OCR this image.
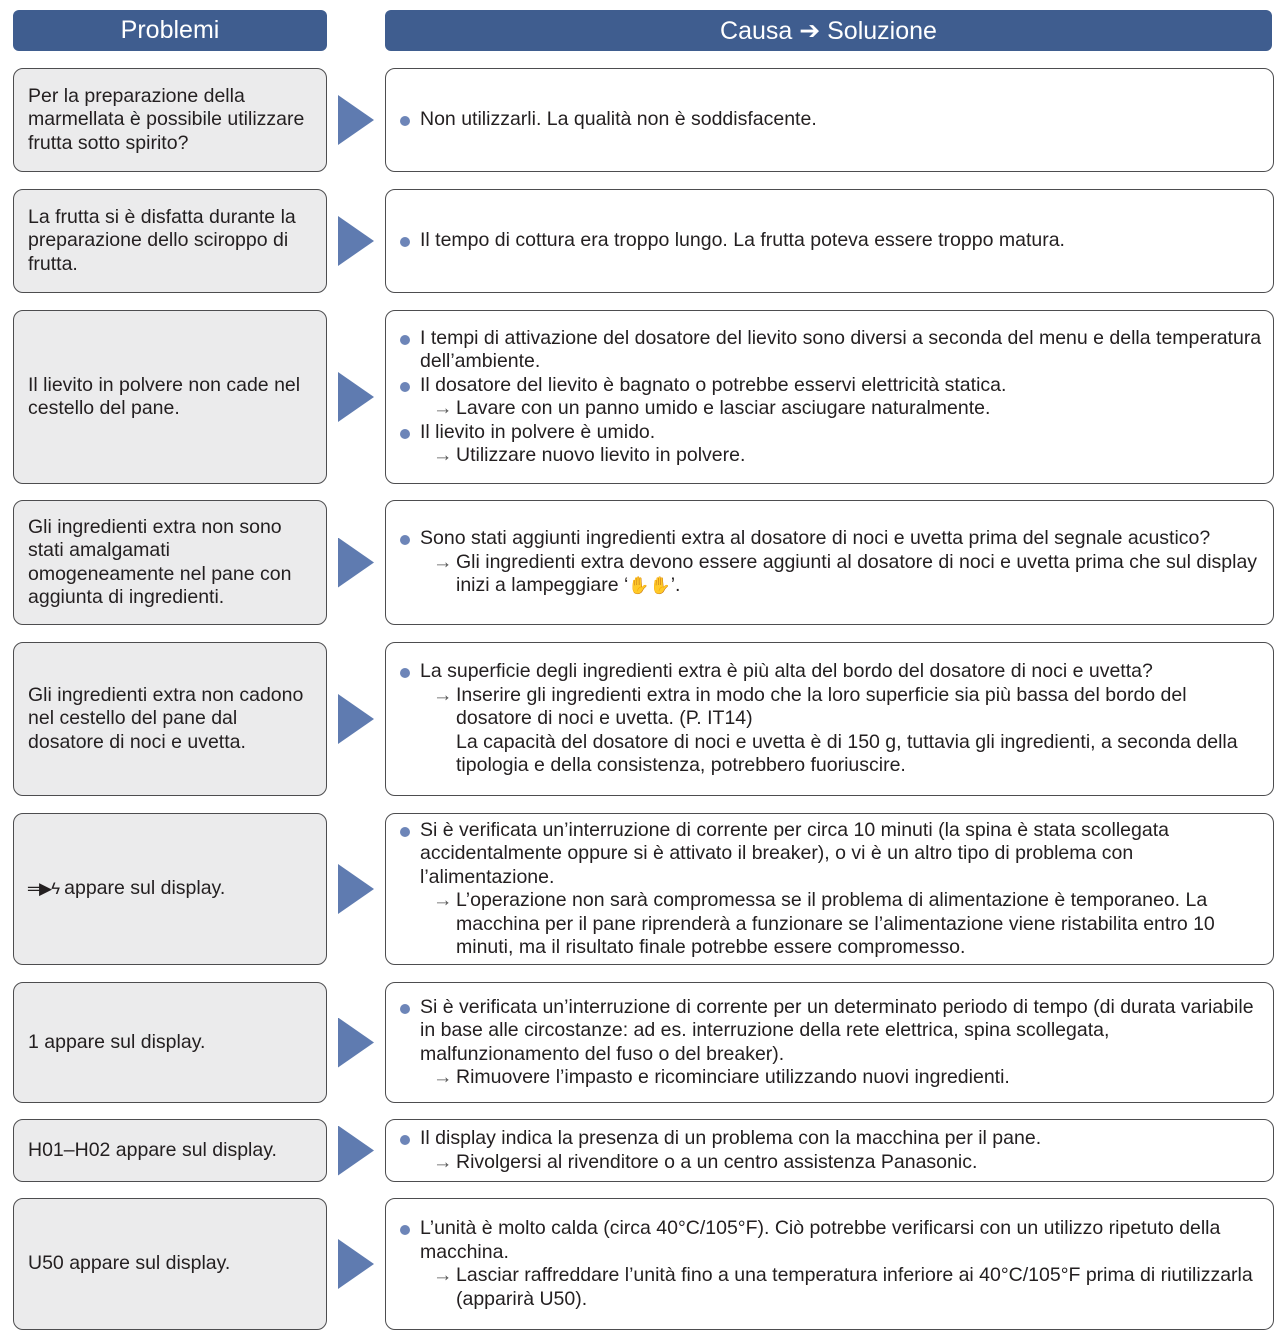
Problemi	Causa ➔ Soluzione
Per la preparazione della marmellata è possibile utilizzare frutta sotto spirito?
Non utilizzarli. La qualità non è soddisfacente.
La frutta si è disfatta durante la preparazione dello sciroppo di frutta.
Il tempo di cottura era troppo lungo. La frutta poteva essere troppo matura.
Il lievito in polvere non cade nel cestello del pane.
I tempi di attivazione del dosatore del lievito sono diversi a seconda del menu e della temperatura dell’ambiente.
Il dosatore del lievito è bagnato o potrebbe esservi elettricità statica.
→ Lavare con un panno umido e lasciar asciugare naturalmente.
Il lievito in polvere è umido.
→ Utilizzare nuovo lievito in polvere.
Gli ingredienti extra non sono stati amalgamati omogeneamente nel pane con aggiunta di ingredienti.
Sono stati aggiunti ingredienti extra al dosatore di noci e uvetta prima del segnale acustico?
→ Gli ingredienti extra devono essere aggiunti al dosatore di noci e uvetta prima che sul display inizi a lampeggiare ‘✋✋’.
Gli ingredienti extra non cadono nel cestello del pane dal dosatore di noci e uvetta.
La superficie degli ingredienti extra è più alta del bordo del dosatore di noci e uvetta?
→ Inserire gli ingredienti extra in modo che la loro superficie sia più bassa del bordo del dosatore di noci e uvetta. (P. IT14)
La capacità del dosatore di noci e uvetta è di 150 g, tuttavia gli ingredienti, a seconda della tipologia e della consistenza, potrebbero fuoriuscire.
═▶ϟ appare sul display.
Si è verificata un’interruzione di corrente per circa 10 minuti (la spina è stata scollegata accidentalmente oppure si è attivato il breaker), o vi è un altro tipo di problema con l’alimentazione.
→ L’operazione non sarà compromessa se il problema di alimentazione è temporaneo. La macchina per il pane riprenderà a funzionare se l’alimentazione viene ristabilita entro 10 minuti, ma il risultato finale potrebbe essere compromesso.
1 appare sul display.
Si è verificata un’interruzione di corrente per un determinato periodo di tempo (di durata variabile in base alle circostanze: ad es. interruzione della rete elettrica, spina scollegata, malfunzionamento del fuso o del breaker).
→ Rimuovere l’impasto e ricominciare utilizzando nuovi ingredienti.
H01–H02 appare sul display.
Il display indica la presenza di un problema con la macchina per il pane.
→ Rivolgersi al rivenditore o a un centro assistenza Panasonic.
U50 appare sul display.
L’unità è molto calda (circa 40°C/105°F). Ciò potrebbe verificarsi con un utilizzo ripetuto della macchina.
→ Lasciar raffreddare l’unità fino a una temperatura inferiore ai 40°C/105°F prima di riutilizzarla (apparirà U50).
